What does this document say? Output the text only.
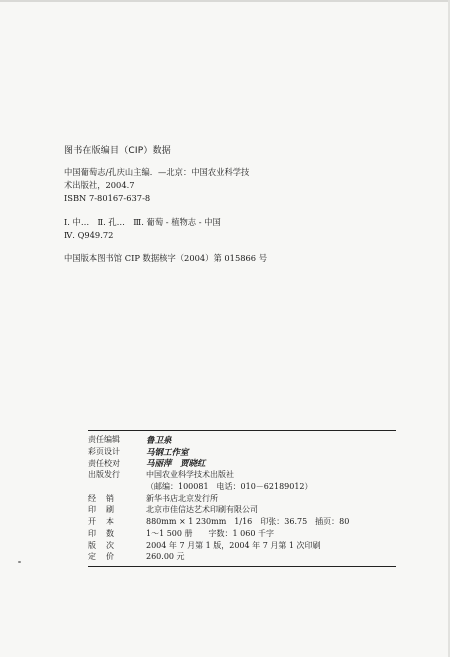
图书在版编目（CIP）数据
中国葡萄志/孔庆山主编．—北京：中国农业科学技
术出版社，2004.7
ISBN 7-80167-637-8
Ⅰ. 中…　Ⅱ. 孔…　Ⅲ. 葡萄 - 植物志 - 中国
Ⅳ. Q949.72
中国版本图书馆 CIP 数据核字（2004）第 015866 号
责任编辑	鲁卫泉
彩页设计	马钢工作室
责任校对	马丽萍　贾晓红
出版发行	中国农业科学技术出版社
（邮编：100081　电话：010－62189012）
经销	新华书店北京发行所
印刷	北京市佳信达艺术印刷有限公司
开本	880mm × 1 230mm　1/16　印张：36.75　插页：80
印数	1～1 500 册　　字数：1 060 千字
版次	2004 年 7 月第 1 版，2004 年 7 月第 1 次印刷
定价	260.00 元
